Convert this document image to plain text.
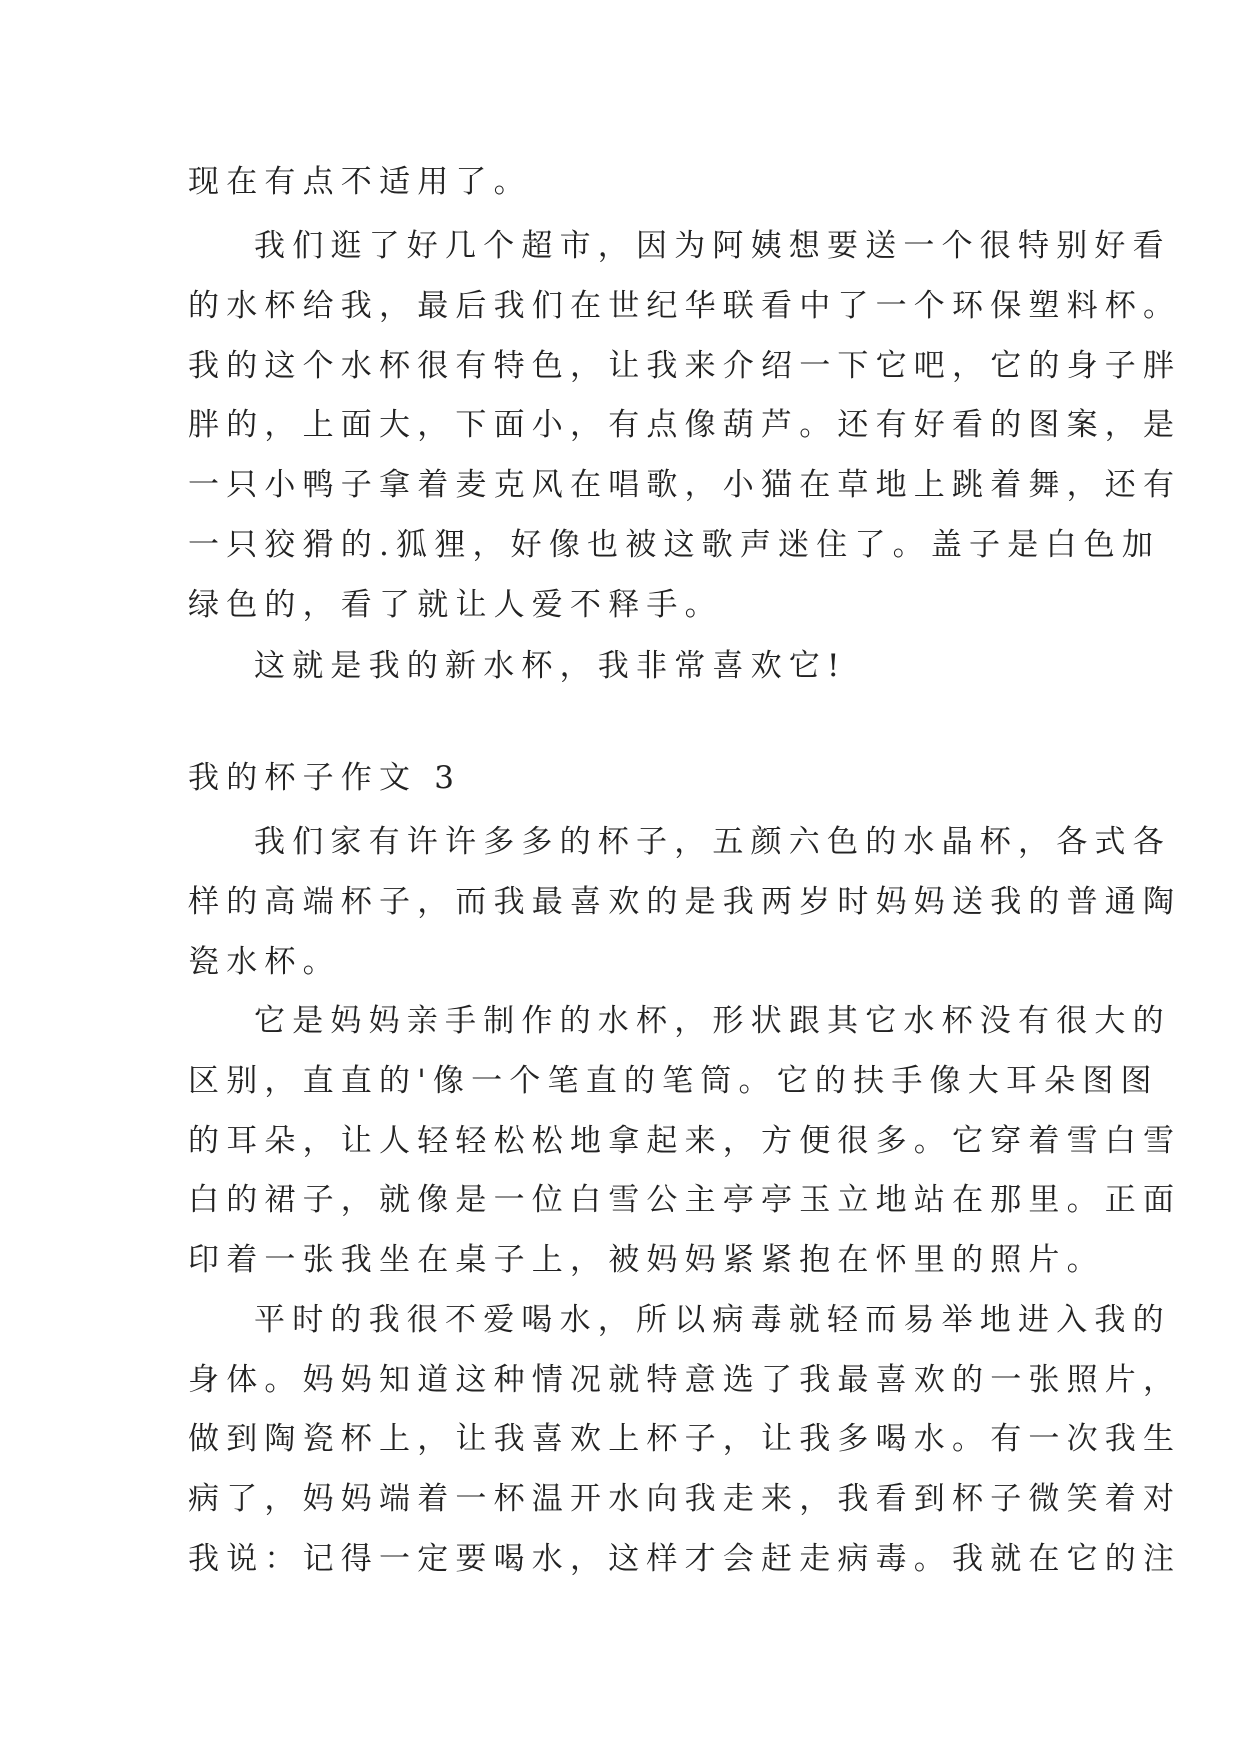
现在有点不适用了。
我们逛了好几个超市，因为阿姨想要送一个很特别好看
的水杯给我，最后我们在世纪华联看中了一个环保塑料杯。
我的这个水杯很有特色，让我来介绍一下它吧，它的身子胖
胖的，上面大，下面小，有点像葫芦。还有好看的图案，是
一只小鸭子拿着麦克风在唱歌，小猫在草地上跳着舞，还有
一只狡猾的.狐狸，好像也被这歌声迷住了。盖子是白色加
绿色的，看了就让人爱不释手。
这就是我的新水杯，我非常喜欢它!
我的杯子作文 3
我们家有许许多多的杯子，五颜六色的水晶杯，各式各
样的高端杯子，而我最喜欢的是我两岁时妈妈送我的普通陶
瓷水杯。
它是妈妈亲手制作的水杯，形状跟其它水杯没有很大的
区别，直直的'像一个笔直的笔筒。它的扶手像大耳朵图图
的耳朵，让人轻轻松松地拿起来，方便很多。它穿着雪白雪
白的裙子，就像是一位白雪公主亭亭玉立地站在那里。正面
印着一张我坐在桌子上，被妈妈紧紧抱在怀里的照片。
平时的我很不爱喝水，所以病毒就轻而易举地进入我的
身体。妈妈知道这种情况就特意选了我最喜欢的一张照片，
做到陶瓷杯上，让我喜欢上杯子，让我多喝水。有一次我生
病了，妈妈端着一杯温开水向我走来，我看到杯子微笑着对
我说：记得一定要喝水，这样才会赶走病毒。我就在它的注
